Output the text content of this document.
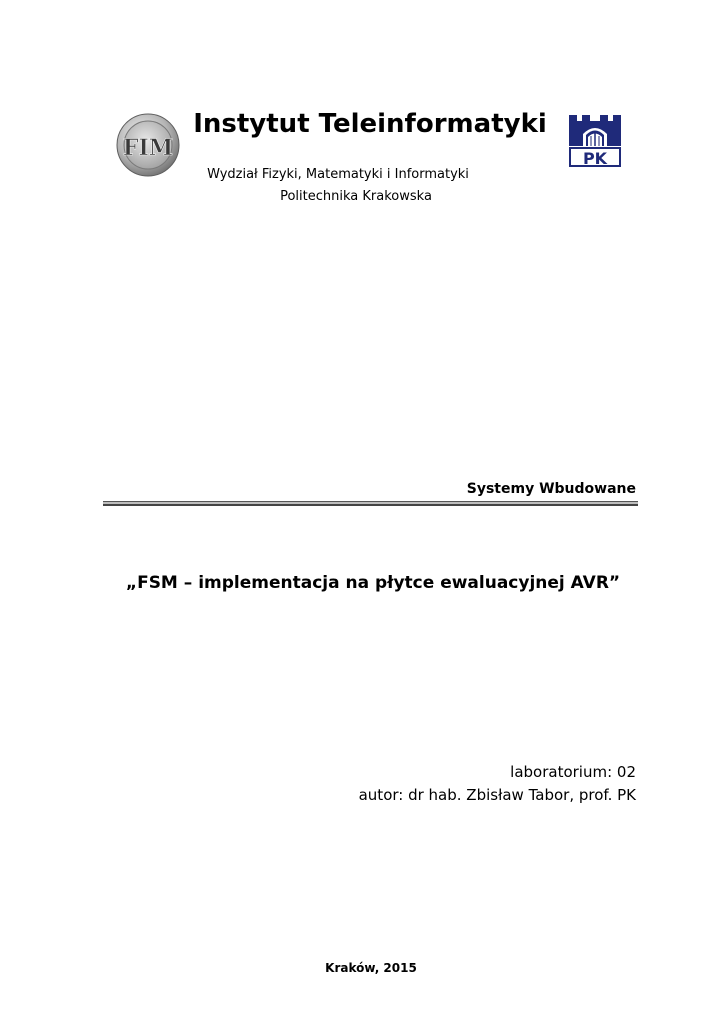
FIM
Instytut Teleinformatyki
PK
Wydział Fizyki, Matematyki i Informatyki
Politechnika Krakowska
Systemy Wbudowane
„FSM – implementacja na płytce ewaluacyjnej AVR”
laboratorium: 02
autor: dr hab. Zbisław Tabor, prof. PK
Kraków, 2015
